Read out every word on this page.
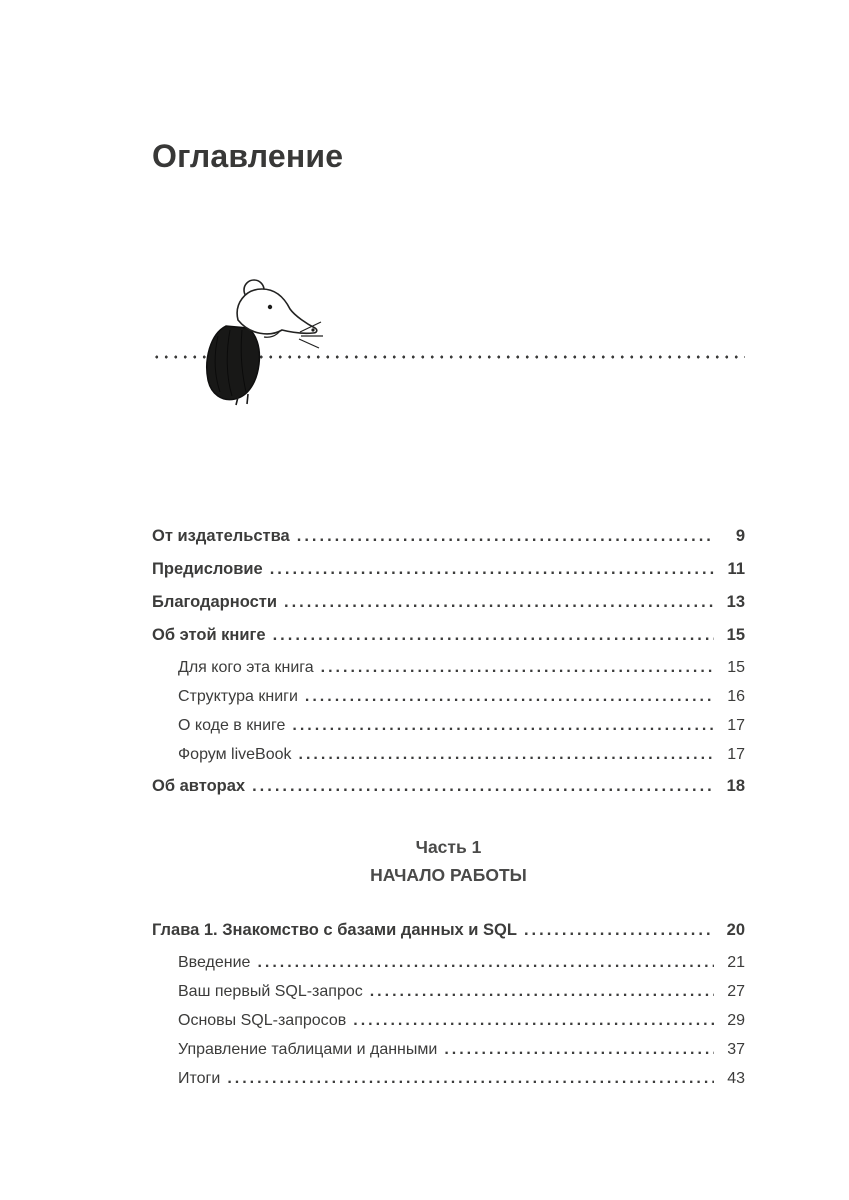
Оглавление
От издательства .....	9
Предисловие .....	11
Благодарности .....	13
Об этой книге .....	15
Для кого эта книга .....	15
Структура книги .....	16
О коде в книге .....	17
Форум liveBook .....	17
Об авторах .....	18
Часть 1
НАЧАЛО РАБОТЫ
Глава 1. Знакомство с базами данных и SQL .....	20
Введение .....	21
Ваш первый SQL-запрос .....	27
Основы SQL-запросов .....	29
Управление таблицами и данными .....	37
Итоги .....	43
